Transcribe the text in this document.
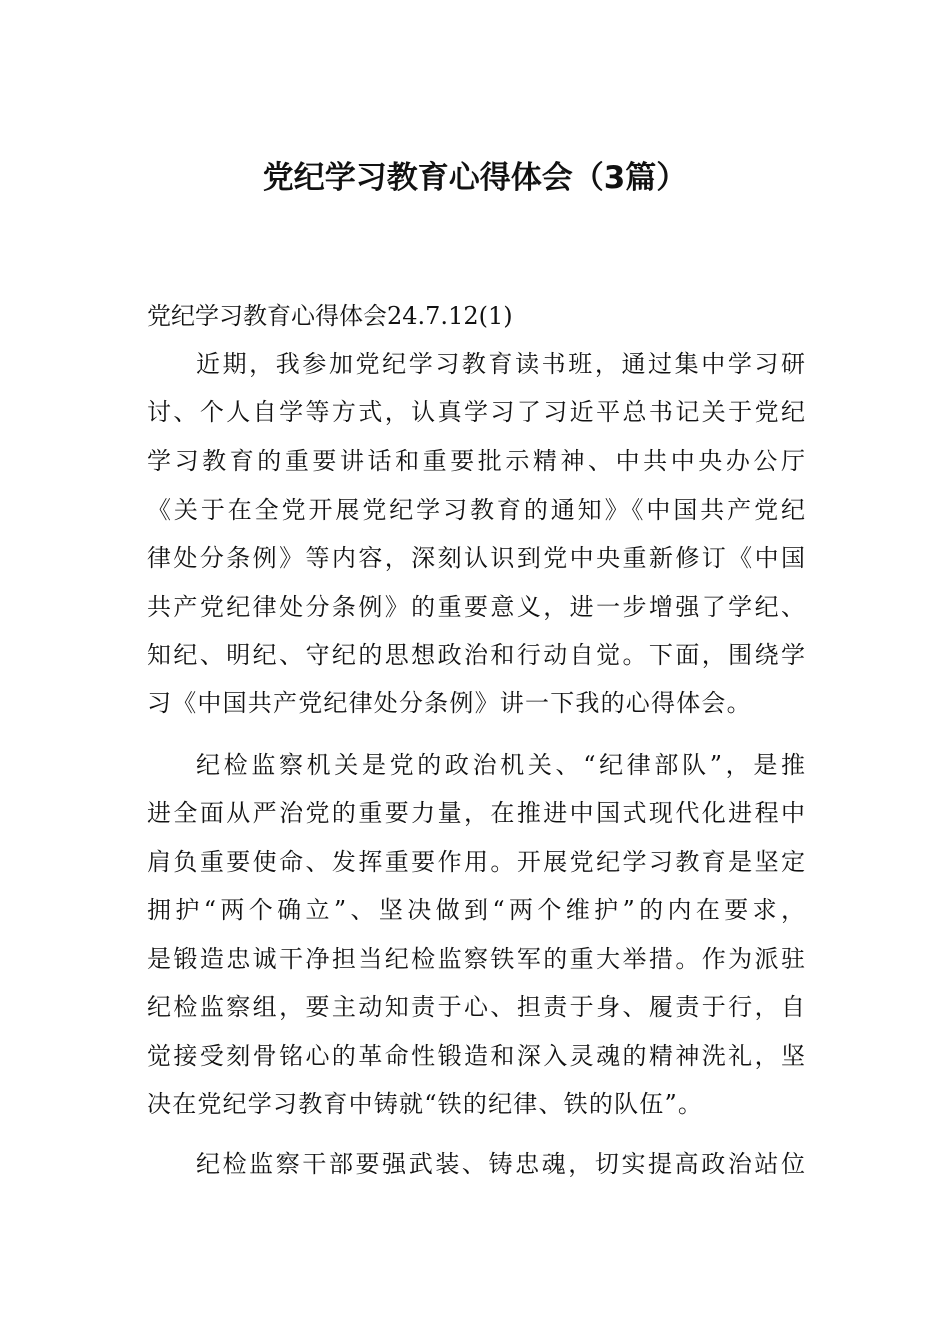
党纪学习教育心得体会（3篇）
党纪学习教育心得体会24.7.12(1)
近期，我参加党纪学习教育读书班，通过集中学习研
讨、个人自学等方式，认真学习了习近平总书记关于党纪
学习教育的重要讲话和重要批示精神、中共中央办公厅
《关于在全党开展党纪学习教育的通知》《中国共产党纪
律处分条例》等内容，深刻认识到党中央重新修订《中国
共产党纪律处分条例》的重要意义，进一步增强了学纪、
知纪、明纪、守纪的思想政治和行动自觉。下面，围绕学
习《中国共产党纪律处分条例》讲一下我的心得体会。
纪检监察机关是党的政治机关、“纪律部队”，是推
进全面从严治党的重要力量，在推进中国式现代化进程中
肩负重要使命、发挥重要作用。开展党纪学习教育是坚定
拥护“两个确立”、坚决做到“两个维护”的内在要求，
是锻造忠诚干净担当纪检监察铁军的重大举措。作为派驻
纪检监察组，要主动知责于心、担责于身、履责于行，自
觉接受刻骨铭心的革命性锻造和深入灵魂的精神洗礼，坚
决在党纪学习教育中铸就“铁的纪律、铁的队伍”。
纪检监察干部要强武装、铸忠魂，切实提高政治站位
